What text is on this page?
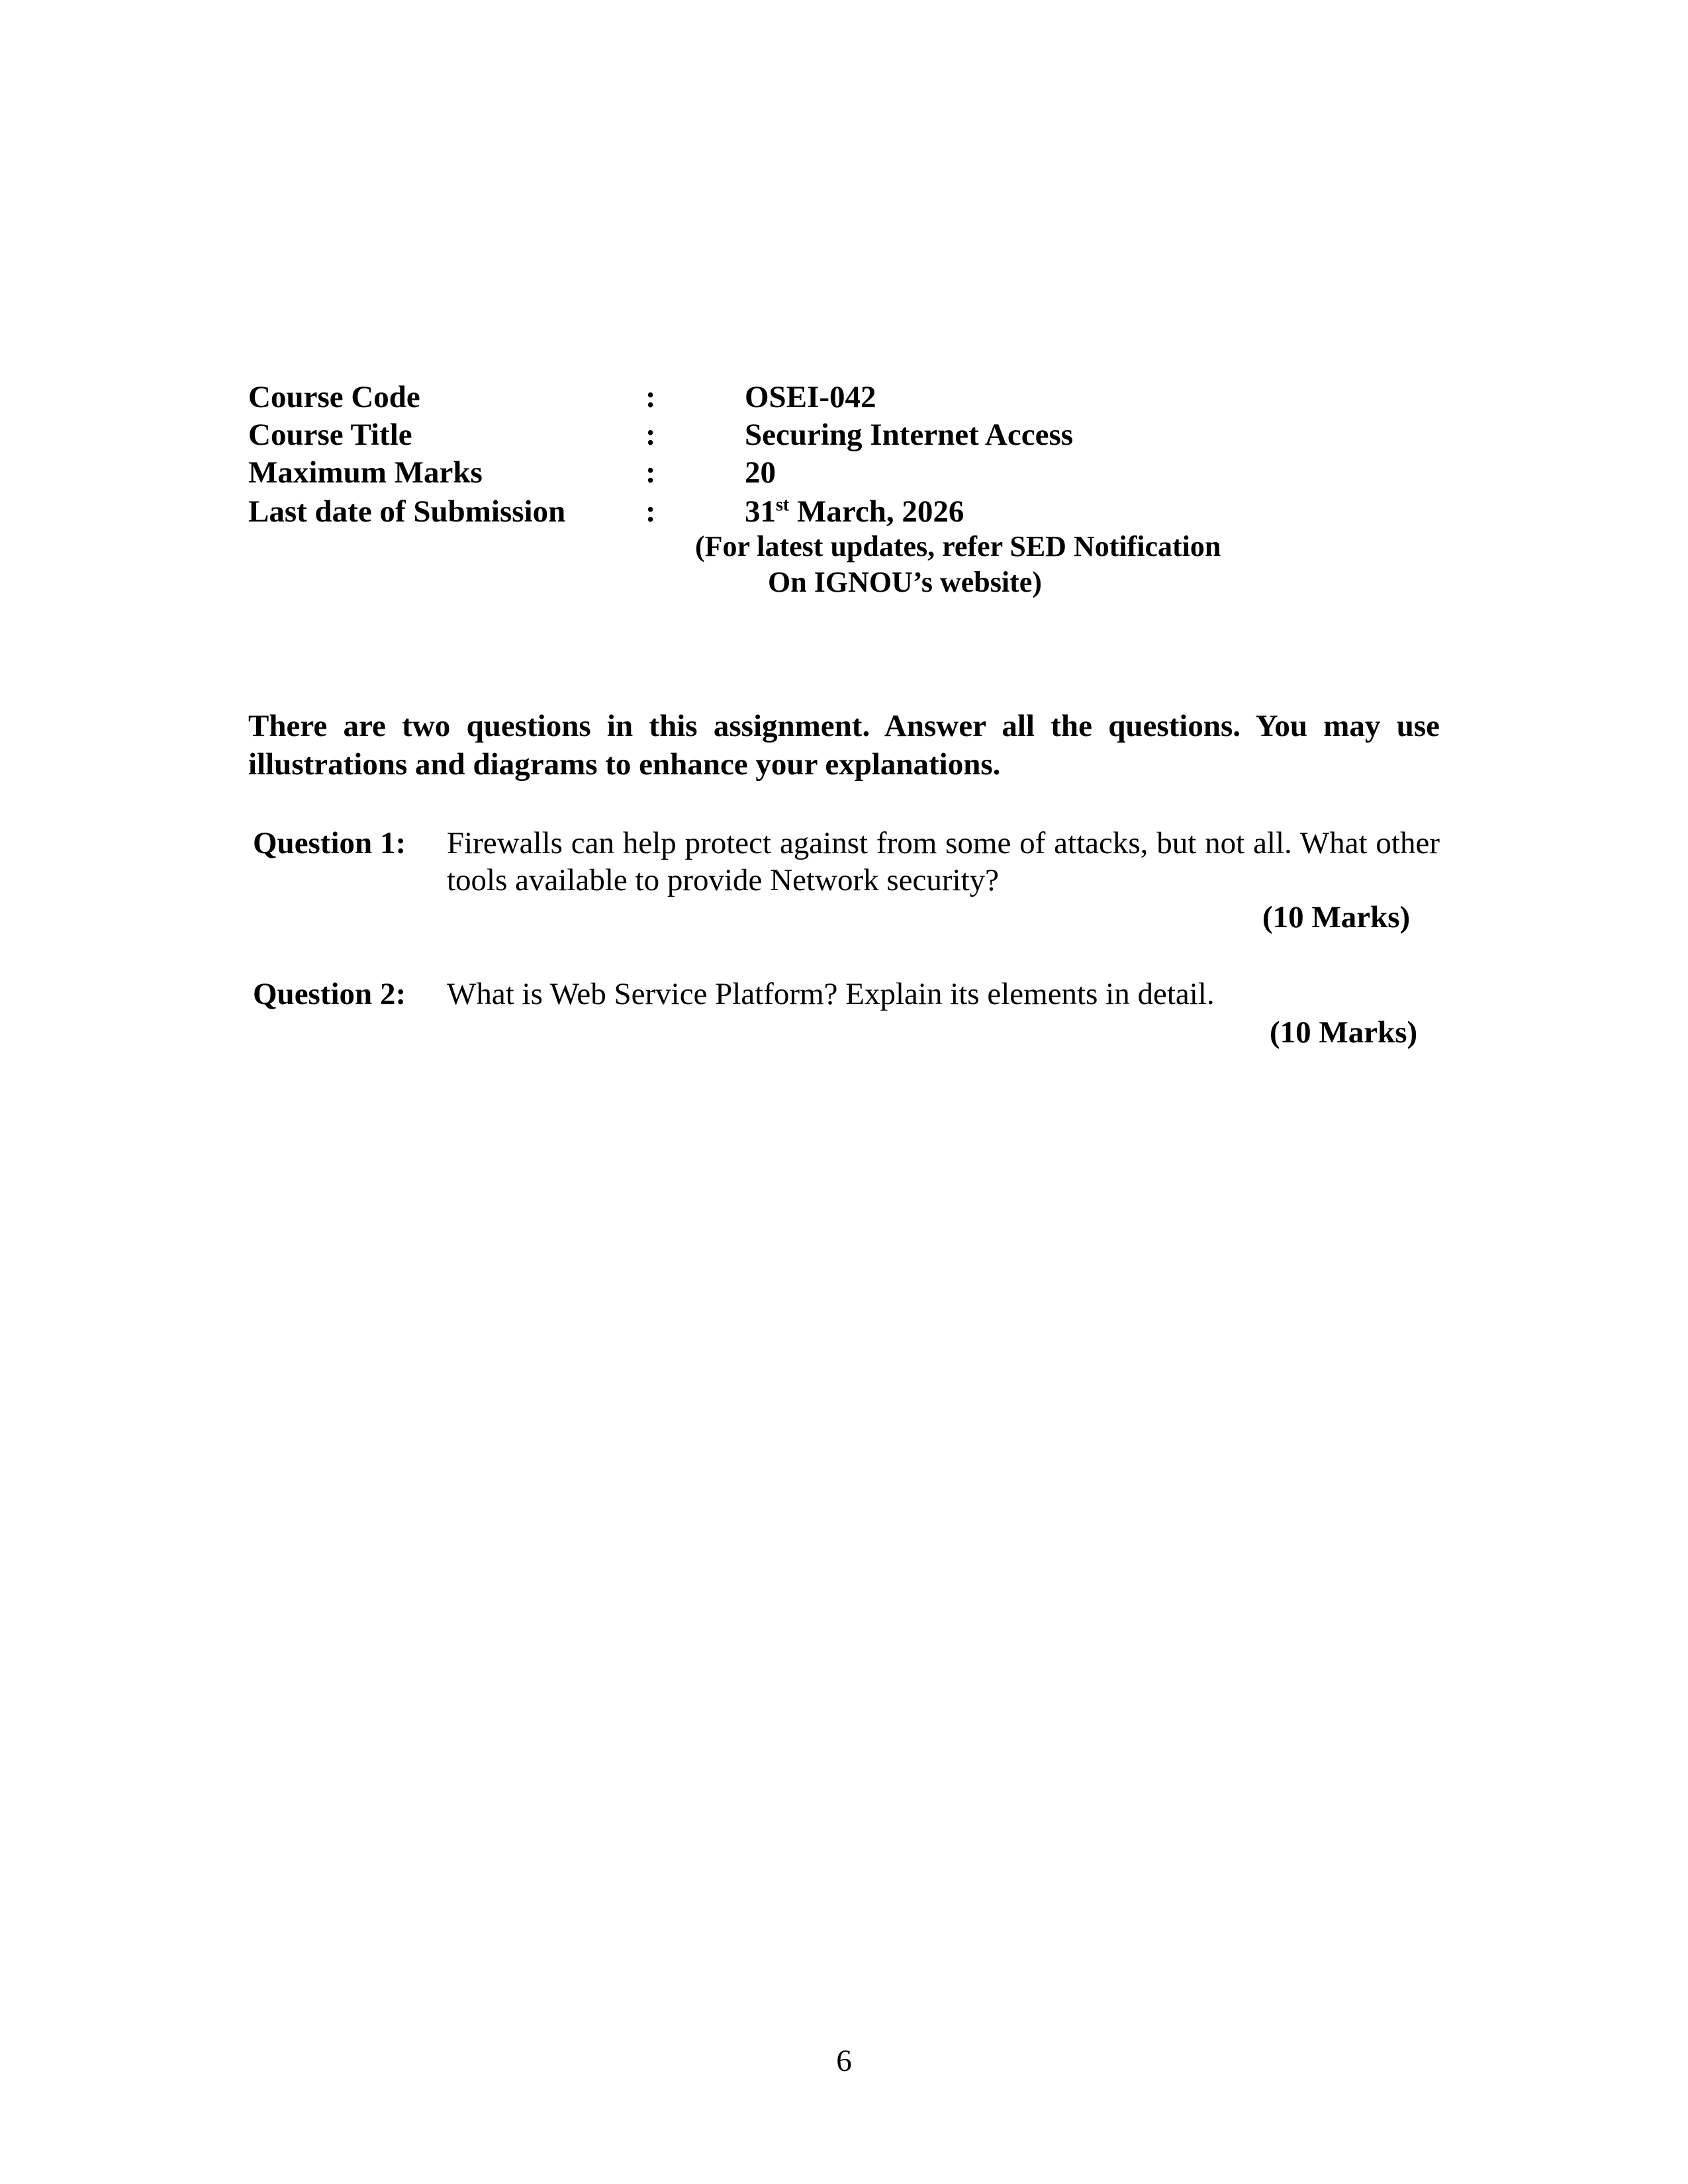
Course Code	:	OSEI-042
Course Title	:	Securing Internet Access
Maximum Marks	:	20
Last date of Submission	:	31st March, 2026
(For latest updates, refer SED Notification
On IGNOU’s website)
There are two questions in this assignment. Answer all the questions. You may use illustrations and diagrams to enhance your explanations.
Question 1: Firewalls can help protect against from some of attacks, but not all. What other tools available to provide Network security?
(10 Marks)
Question 2: What is Web Service Platform? Explain its elements in detail.
(10 Marks)
6
